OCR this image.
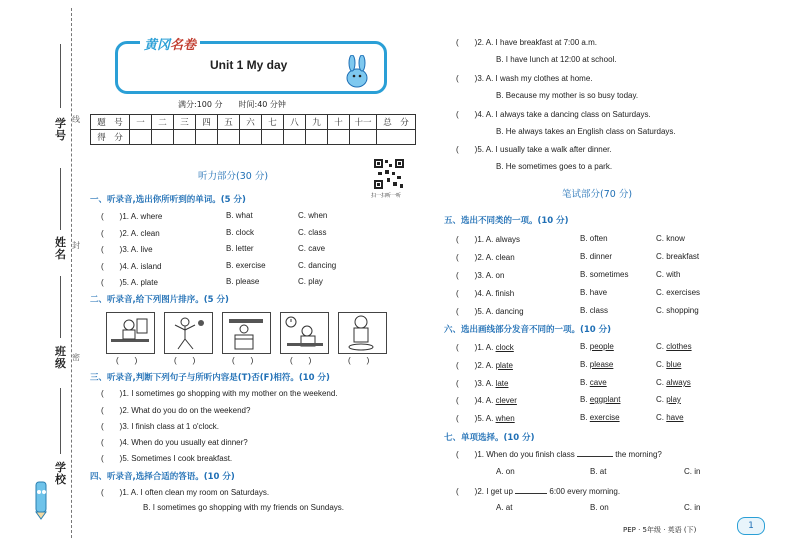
学号
姓名
班级
学校
线
封
密
黄冈名卷
Unit 1 My day
满分:100 分　　 时间:40 分钟
题　号	一	二	三	四	五	六	七	八	九	十	十一	总　分
得　分												
扫一扫听一听
听力部分(30 分)
一、听录音,选出你所听到的单词。(5 分)
(　　)1. A. where	B. what	C. when
(　　)2. A. clean	B. clock	C. class
(　　)3. A. live	B. letter	C. cave
(　　)4. A. island	B. exercise	C. dancing
(　　)5. A. plate	B. please	C. play
二、听录音,给下列图片排序。(5 分)
(　　)	(　　)	(　　)	(　　)	(　　)
三、听录音,判断下列句子与所听内容是(T)否(F)相符。(10 分)
(　　)1. I sometimes go shopping with my mother on the weekend.
(　　)2. What do you do on the weekend?
(　　)3. I finish class at 1 o'clock.
(　　)4. When do you usually eat dinner?
(　　)5. Sometimes I cook breakfast.
四、听录音,选择合适的答语。(10 分)
(　　)1. A. I often clean my room on Saturdays.
B. I sometimes go shopping with my friends on Sundays.
(　　)2. A. I have breakfast at 7:00 a.m.
B. I have lunch at 12:00 at school.
(　　)3. A. I wash my clothes at home.
B. Because my mother is so busy today.
(　　)4. A. I always take a dancing class on Saturdays.
B. He always takes an English class on Saturdays.
(　　)5. A. I usually take a walk after dinner.
B. He sometimes goes to a park.
笔试部分(70 分)
五、选出不同类的一项。(10 分)
(　　)1. A. always	B. often	C. know
(　　)2. A. clean	B. dinner	C. breakfast
(　　)3. A. on	B. sometimes	C. with
(　　)4. A. finish	B. have	C. exercises
(　　)5. A. dancing	B. class	C. shopping
六、选出画线部分发音不同的一项。(10 分)
(　　)1. A. clock	B. people	C. clothes
(　　)2. A. plate	B. please	C. blue
(　　)3. A. late	B. cave	C. always
(　　)4. A. clever	B. eggplant	C. play
(　　)5. A. when	B. exercise	C. have
七、单项选择。(10 分)
(　　)1. When do you finish class	the morning?
A. on	B. at	C. in
(　　)2. I get up	6:00 every morning.
A. at	B. on	C. in
PEP · 5年级 · 英语 (下)	1
